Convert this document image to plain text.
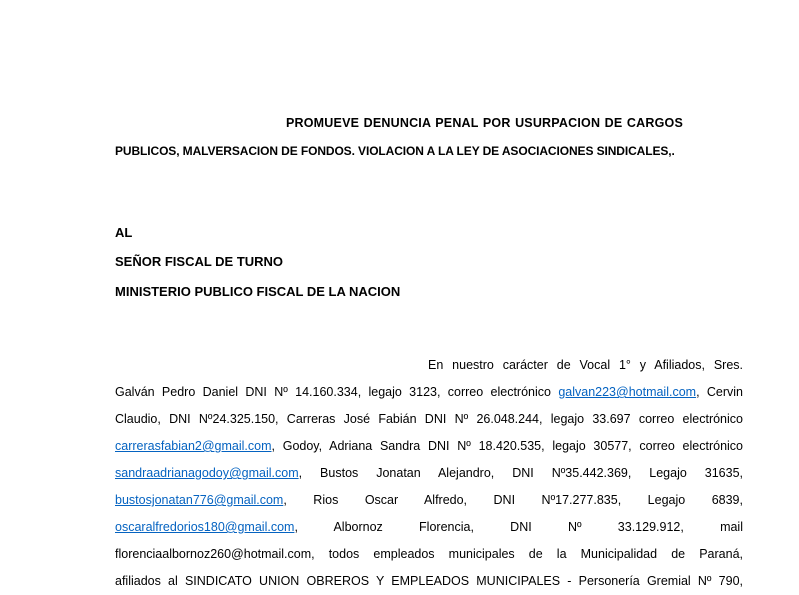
PROMUEVE DENUNCIA PENAL POR USURPACION DE CARGOS
PUBLICOS, MALVERSACION DE FONDOS. VIOLACION A LA LEY DE ASOCIACIONES SINDICALES,.
AL
SEÑOR FISCAL DE TURNO
MINISTERIO PUBLICO FISCAL DE LA NACION
En nuestro carácter de Vocal 1° y Afiliados, Sres.
Galván Pedro Daniel DNI Nº 14.160.334, legajo 3123, correo electrónico galvan223@hotmail.com, Cervin
Claudio, DNI Nº24.325.150, Carreras José Fabián DNI Nº 26.048.244, legajo 33.697 correo electrónico
carrerasfabian2@gmail.com, Godoy, Adriana Sandra DNI Nº 18.420.535, legajo 30577, correo electrónico
sandraadrianagodoy@gmail.com, Bustos Jonatan Alejandro, DNI Nº35.442.369, Legajo 31635,
bustosjonatan776@gmail.com, Rios Oscar Alfredo, DNI Nº17.277.835, Legajo 6839,
oscaralfredorios180@gmail.com, Albornoz Florencia, DNI Nº 33.129.912, mail
florenciaalbornoz260@hotmail.com, todos empleados municipales de la Municipalidad de Paraná,
afiliados al SINDICATO UNION OBREROS Y EMPLEADOS MUNICIPALES - Personería Gremial Nº 790,
